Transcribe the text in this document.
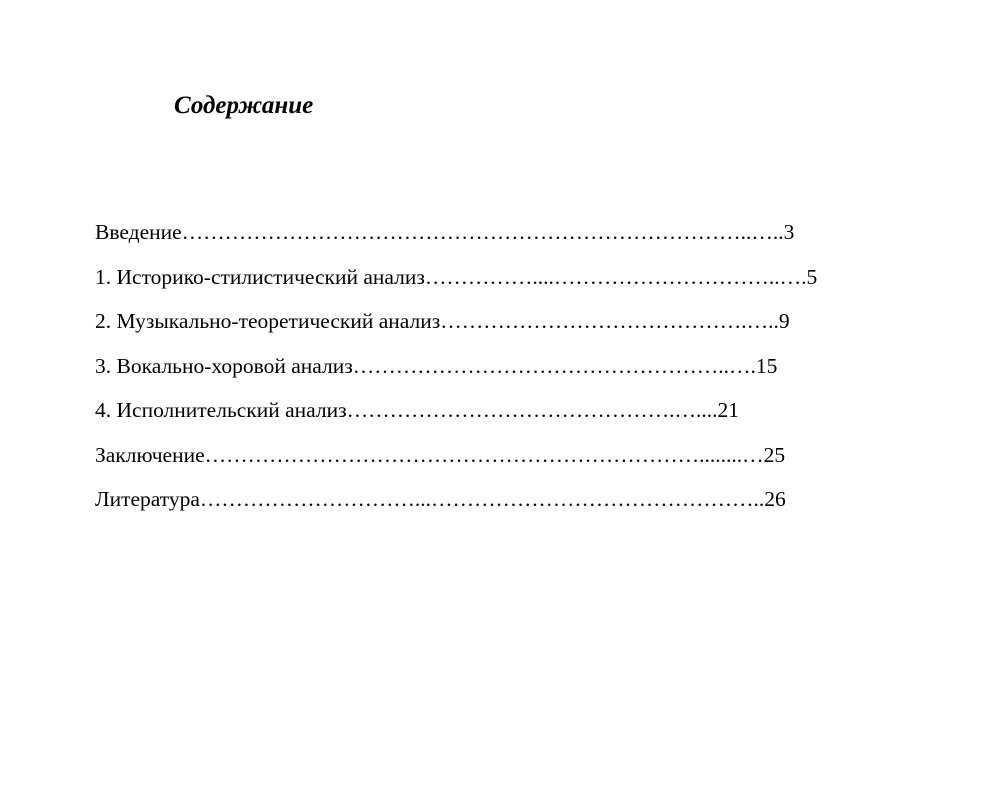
Содержание
Введение……………………………………………………………………..…..3
1. Историко-стилистический анализ……………....…………………………..….5
2. Музыкально-теоретический анализ…………………………………….…..9
3. Вокально-хоровой анализ……………………………………………..….15
4. Исполнительский анализ……………………………………….…....21
Заключение……………………………………………………………........…25
Литература…………………………...………………………………………..26
